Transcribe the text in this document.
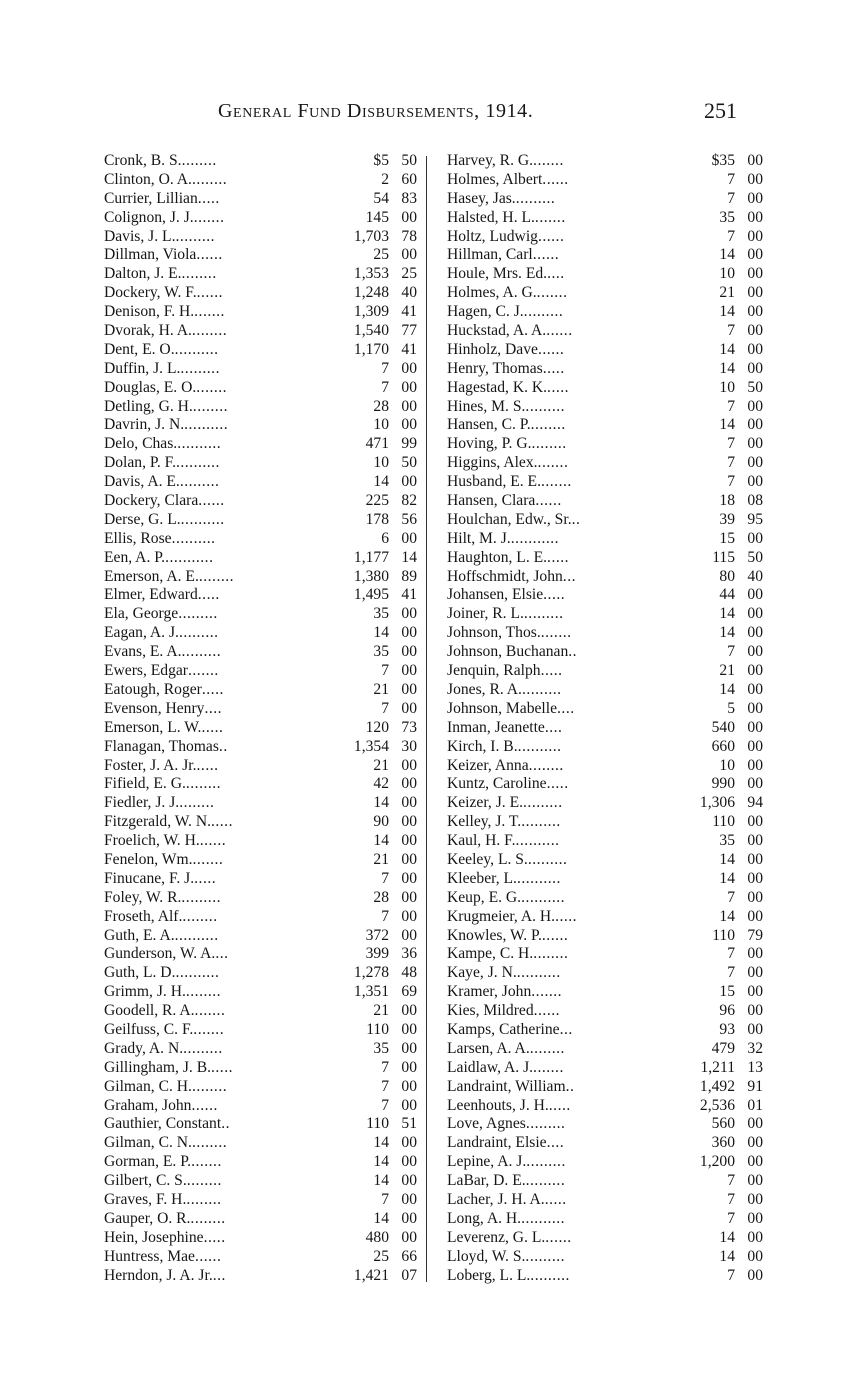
General Fund Disbursements, 1914.	251
Cronk, B. S.........	$5 50
Clinton, O. A.........	2 60
Currier, Lillian.....	54 83
Colignon, J. J........	145 00
Davis, J. L..........	1,703 78
Dillman, Viola......	25 00
Dalton, J. E.........	1,353 25
Dockery, W. F.......	1,248 40
Denison, F. H........	1,309 41
Dvorak, H. A.........	1,540 77
Dent, E. O...........	1,170 41
Duffin, J. L..........	7 00
Douglas, E. O........	7 00
Detling, G. H.........	28 00
Davrin, J. N...........	10 00
Delo, Chas...........	471 99
Dolan, P. F...........	10 50
Davis, A. E..........	14 00
Dockery, Clara......	225 82
Derse, G. L...........	178 56
Ellis, Rose..........	6 00
Een, A. P............	1,177 14
Emerson, A. E.........	1,380 89
Elmer, Edward.....	1,495 41
Ela, George.........	35 00
Eagan, A. J..........	14 00
Evans, E. A..........	35 00
Ewers, Edgar.......	7 00
Eatough, Roger.....	21 00
Evenson, Henry....	7 00
Emerson, L. W......	120 73
Flanagan, Thomas..	1,354 30
Foster, J. A. Jr......	21 00
Fifield, E. G.........	42 00
Fiedler, J. J.........	14 00
Fitzgerald, W. N......	90 00
Froelich, W. H.......	14 00
Fenelon, Wm........	21 00
Finucane, F. J......	7 00
Foley, W. R..........	28 00
Froseth, Alf.........	7 00
Guth, E. A...........	372 00
Gunderson, W. A....	399 36
Guth, L. D...........	1,278 48
Grimm, J. H.........	1,351 69
Goodell, R. A........	21 00
Geilfuss, C. F........	110 00
Grady, A. N..........	35 00
Gillingham, J. B......	7 00
Gilman, C. H.........	7 00
Graham, John......	7 00
Gauthier, Constant..	110 51
Gilman, C. N.........	14 00
Gorman, E. P........	14 00
Gilbert, C. S.........	14 00
Graves, F. H.........	7 00
Gauper, O. R.........	14 00
Hein, Josephine.....	480 00
Huntress, Mae......	25 66
Herndon, J. A. Jr....	1,421 07
Harvey, R. G........	$35 00
Holmes, Albert......	7 00
Hasey, Jas..........	7 00
Halsted, H. L........	35 00
Holtz, Ludwig......	7 00
Hillman, Carl......	14 00
Houle, Mrs. Ed.....	10 00
Holmes, A. G........	21 00
Hagen, C. J..........	14 00
Huckstad, A. A.......	7 00
Hinholz, Dave......	14 00
Henry, Thomas.....	14 00
Hagestad, K. K......	10 50
Hines, M. S..........	7 00
Hansen, C. P.........	14 00
Hoving, P. G.........	7 00
Higgins, Alex........	7 00
Husband, E. E........	7 00
Hansen, Clara......	18 08
Houlchan, Edw., Sr...	39 95
Hilt, M. J............	15 00
Haughton, L. E......	115 50
Hoffschmidt, John...	80 40
Johansen, Elsie.....	44 00
Joiner, R. L..........	14 00
Johnson, Thos........	14 00
Johnson, Buchanan..	7 00
Jenquin, Ralph.....	21 00
Jones, R. A..........	14 00
Johnson, Mabelle....	5 00
Inman, Jeanette....	540 00
Kirch, I. B...........	660 00
Keizer, Anna........	10 00
Kuntz, Caroline.....	990 00
Keizer, J. E..........	1,306 94
Kelley, J. T..........	110 00
Kaul, H. F...........	35 00
Keeley, L. S..........	14 00
Kleeber, L...........	14 00
Keup, E. G...........	7 00
Krugmeier, A. H......	14 00
Knowles, W. P.......	110 79
Kampe, C. H.........	7 00
Kaye, J. N...........	7 00
Kramer, John.......	15 00
Kies, Mildred......	96 00
Kamps, Catherine...	93 00
Larsen, A. A.........	479 32
Laidlaw, A. J........	1,211 13
Landraint, William..	1,492 91
Leenhouts, J. H......	2,536 01
Love, Agnes.........	560 00
Landraint, Elsie....	360 00
Lepine, A. J..........	1,200 00
LaBar, D. E..........	7 00
Lacher, J. H. A......	7 00
Long, A. H...........	7 00
Leverenz, G. L.......	14 00
Lloyd, W. S..........	14 00
Loberg, L. L..........	7 00
